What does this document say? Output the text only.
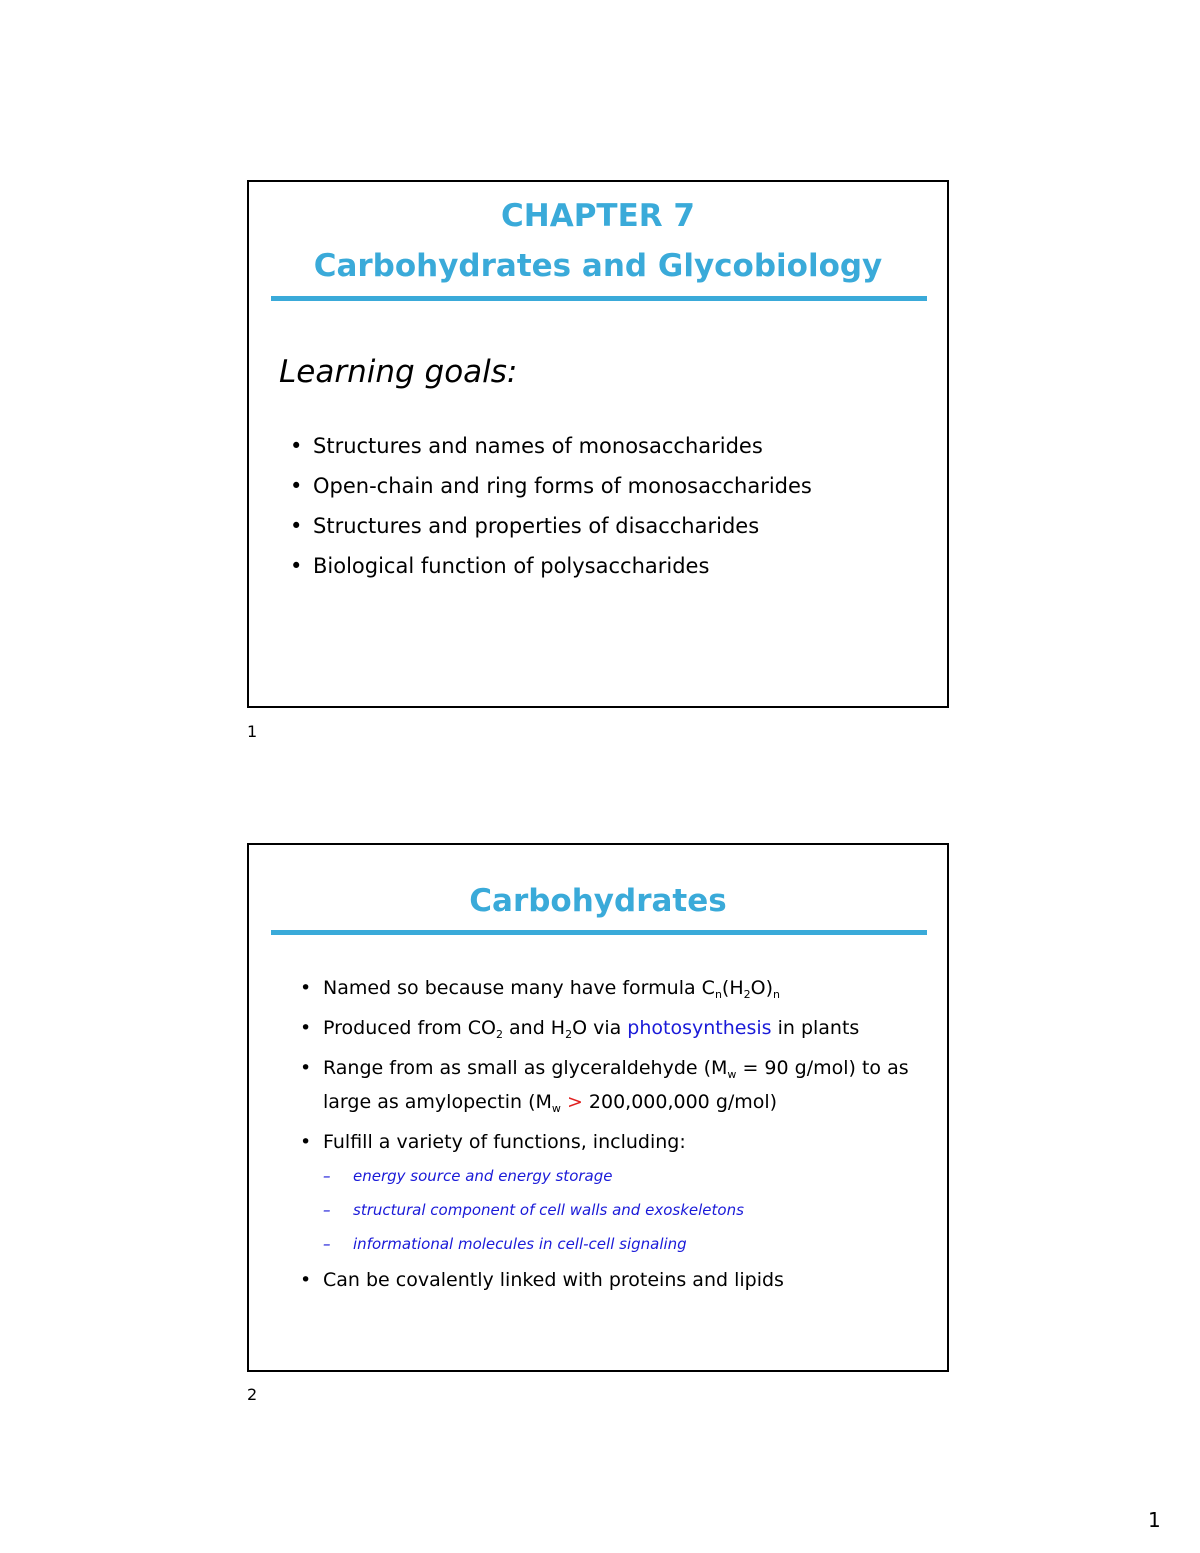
CHAPTER 7
Carbohydrates and Glycobiology
Learning goals:
• Structures and names of monosaccharides
• Open-chain and ring forms of monosaccharides
• Structures and properties of disaccharides
• Biological function of polysaccharides
1
Carbohydrates
• Named so because many have formula $C_n(H_2O)_n$
• Produced from $CO_2$ and $H_2O$ via photosynthesis in plants
• Range from as small as glyceraldehyde ($M_w = 90$ g/mol) to as large as amylopectin ($M_w > 200,000,000$ g/mol)
• Fulfill a variety of functions, including:
– energy source and energy storage
– structural component of cell walls and exoskeletons
– informational molecules in cell-cell signaling
• Can be covalently linked with proteins and lipids
2
1
